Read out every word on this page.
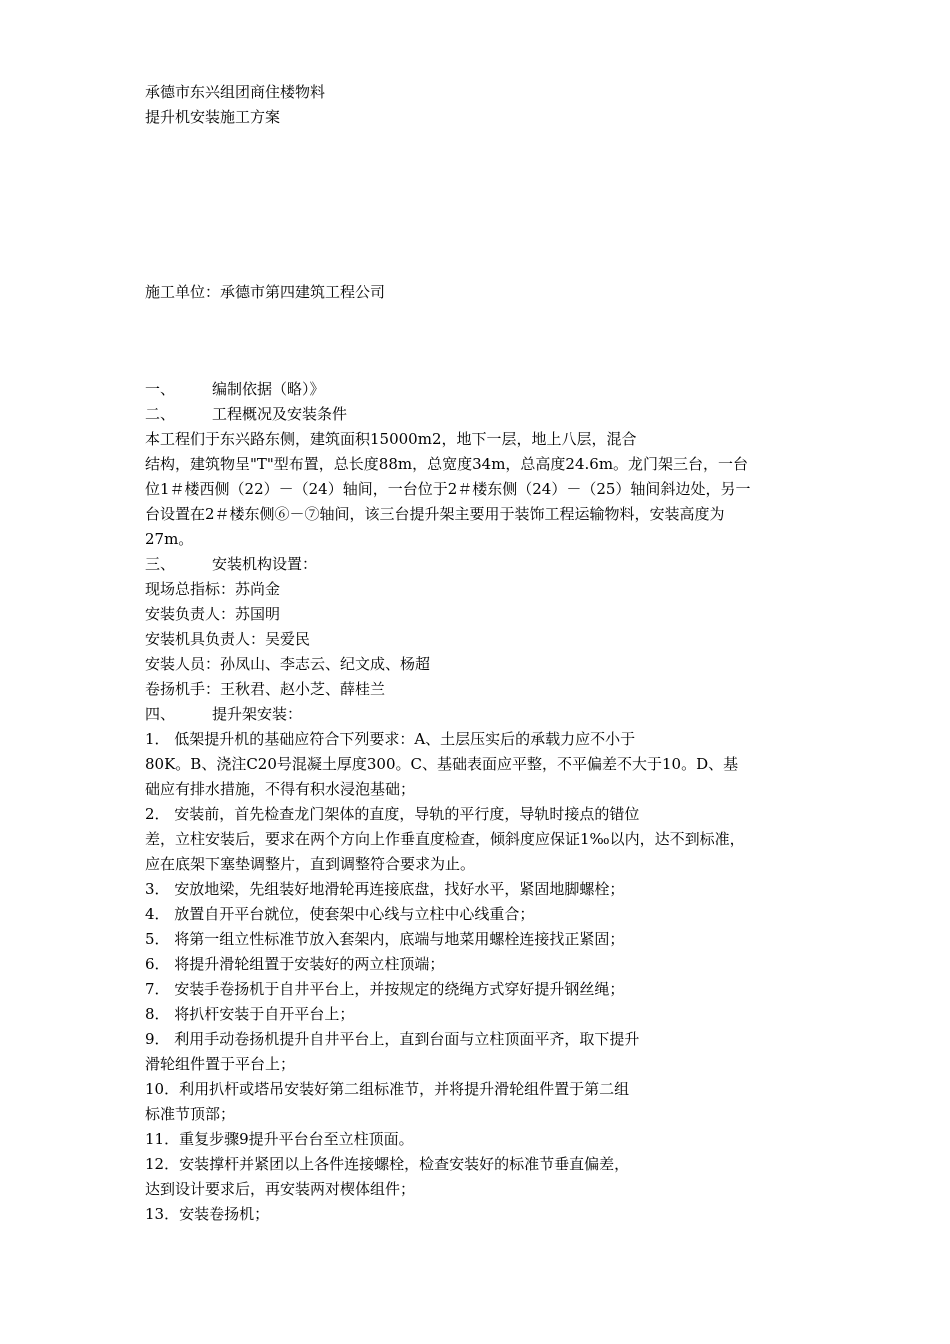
承德市东兴组团商住楼物料
提升机安装施工方案
施工单位：承德市第四建筑工程公司
一、	编制依据（略）》
二、	工程概况及安装条件
本工程们于东兴路东侧，建筑面积15000m2，地下一层，地上八层，混合
结构，建筑物呈"T"型布置，总长度88m，总宽度34m，总高度24.6m。龙门架三台，一台
位1＃楼西侧（22）－（24）轴间，一台位于2＃楼东侧（24）－（25）轴间斜边处，另一
台设置在2＃楼东侧⑥－⑦轴间，该三台提升架主要用于装饰工程运输物料，安装高度为
27m。
三、	安装机构设置：
现场总指标：苏尚金
安装负责人：苏国明
安装机具负责人：吴爱民
安装人员：孙凤山、李志云、纪文成、杨超
卷扬机手：王秋君、赵小芝、薛桂兰
四、	提升架安装：
1． 低架提升机的基础应符合下列要求：A、土层压实后的承载力应不小于
80K。B、浇注C20号混凝土厚度300。C、基础表面应平整，不平偏差不大于10。D、基
础应有排水措施，不得有积水浸泡基础；
2． 安装前，首先检查龙门架体的直度，导轨的平行度，导轨时接点的错位
差，立柱安装后，要求在两个方向上作垂直度检查，倾斜度应保证1‰以内，达不到标准，
应在底架下塞垫调整片，直到调整符合要求为止。
3． 安放地梁，先组装好地滑轮再连接底盘，找好水平，紧固地脚螺栓；
4． 放置自开平台就位，使套架中心线与立柱中心线重合；
5． 将第一组立性标准节放入套架内，底端与地菜用螺栓连接找正紧固；
6． 将提升滑轮组置于安装好的两立柱顶端；
7． 安装手卷扬机于自井平台上，并按规定的绕绳方式穿好提升钢丝绳；
8． 将扒杆安装于自开平台上；
9． 利用手动卷扬机提升自井平台上，直到台面与立柱顶面平齐，取下提升
滑轮组件置于平台上；
10．利用扒杆或塔吊安装好第二组标准节，并将提升滑轮组件置于第二组
标准节顶部；
11．重复步骤9提升平台台至立柱顶面。
12．安装撑杆并紧团以上各件连接螺栓，检查安装好的标准节垂直偏差，
达到设计要求后，再安装两对楔体组件；
13．安装卷扬机；
